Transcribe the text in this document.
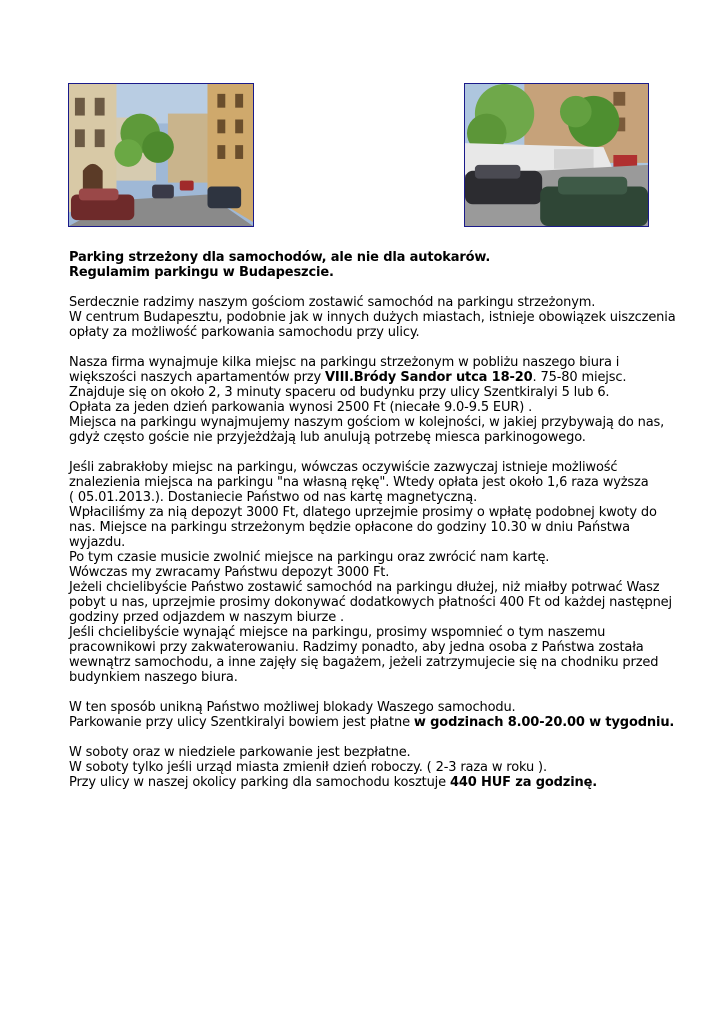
Parking strzeżony dla samochodów, ale nie dla autokarów.
Regulamim parkingu w Budapeszcie.

Serdecznie radzimy naszym gościom zostawić samochód na parkingu strzeżonym.
W centrum Budapesztu, podobnie jak w innych dużych miastach, istnieje obowiązek uiszczenia
opłaty za możliwość parkowania samochodu przy ulicy.

Nasza firma wynajmuje kilka miejsc na parkingu strzeżonym w pobliżu naszego biura i
większości naszych apartamentów przy VIII.Bródy Sandor utca 18-20. 75-80 miejsc.
Znajduje się on około 2, 3 minuty spaceru od budynku przy ulicy Szentkiralyi 5 lub 6.
Opłata za jeden dzień parkowania wynosi 2500 Ft (niecałe 9.0-9.5 EUR) .
Miejsca na parkingu wynajmujemy naszym gościom w kolejności, w jakiej przybywają do nas,
gdyż często goście nie przyjeżdżają lub anulują potrzebę miesca parkinogowego.

Jeśli zabrakłoby miejsc na parkingu, wówczas oczywiście zazwyczaj istnieje możliwość
znalezienia miejsca na parkingu "na własną rękę". Wtedy opłata jest około 1,6 raza wyższa
( 05.01.2013.). Dostaniecie Państwo od nas kartę magnetyczną.
Wpłaciliśmy za nią depozyt 3000 Ft, dlatego uprzejmie prosimy o wpłatę podobnej kwoty do
nas. Miejsce na parkingu strzeżonym będzie opłacone do godziny 10.30 w dniu Państwa
wyjazdu.
Po tym czasie musicie zwolnić miejsce na parkingu oraz zwrócić nam kartę.
Wówczas my zwracamy Państwu depozyt 3000 Ft.
Jeżeli chcielibyście Państwo zostawić samochód na parkingu dłużej, niż miałby potrwać Wasz
pobyt u nas, uprzejmie prosimy dokonywać dodatkowych płatności 400 Ft od każdej następnej
godziny przed odjazdem w naszym biurze .
Jeśli chcielibyście wynająć miejsce na parkingu, prosimy wspomnieć o tym naszemu
pracownikowi przy zakwaterowaniu. Radzimy ponadto, aby jedna osoba z Państwa została
wewnątrz samochodu, a inne zajęły się bagażem, jeżeli zatrzymujecie się na chodniku przed
budynkiem naszego biura.

W ten sposób unikną Państwo możliwej blokady Waszego samochodu.
Parkowanie przy ulicy Szentkiralyi bowiem jest płatne w godzinach 8.00-20.00 w tygodniu.

W soboty oraz w niedziele parkowanie jest bezpłatne.
W soboty tylko jeśli urząd miasta zmienił dzień roboczy. ( 2-3 raza w roku ).
Przy ulicy w naszej okolicy parking dla samochodu kosztuje 440 HUF za godzinę.
